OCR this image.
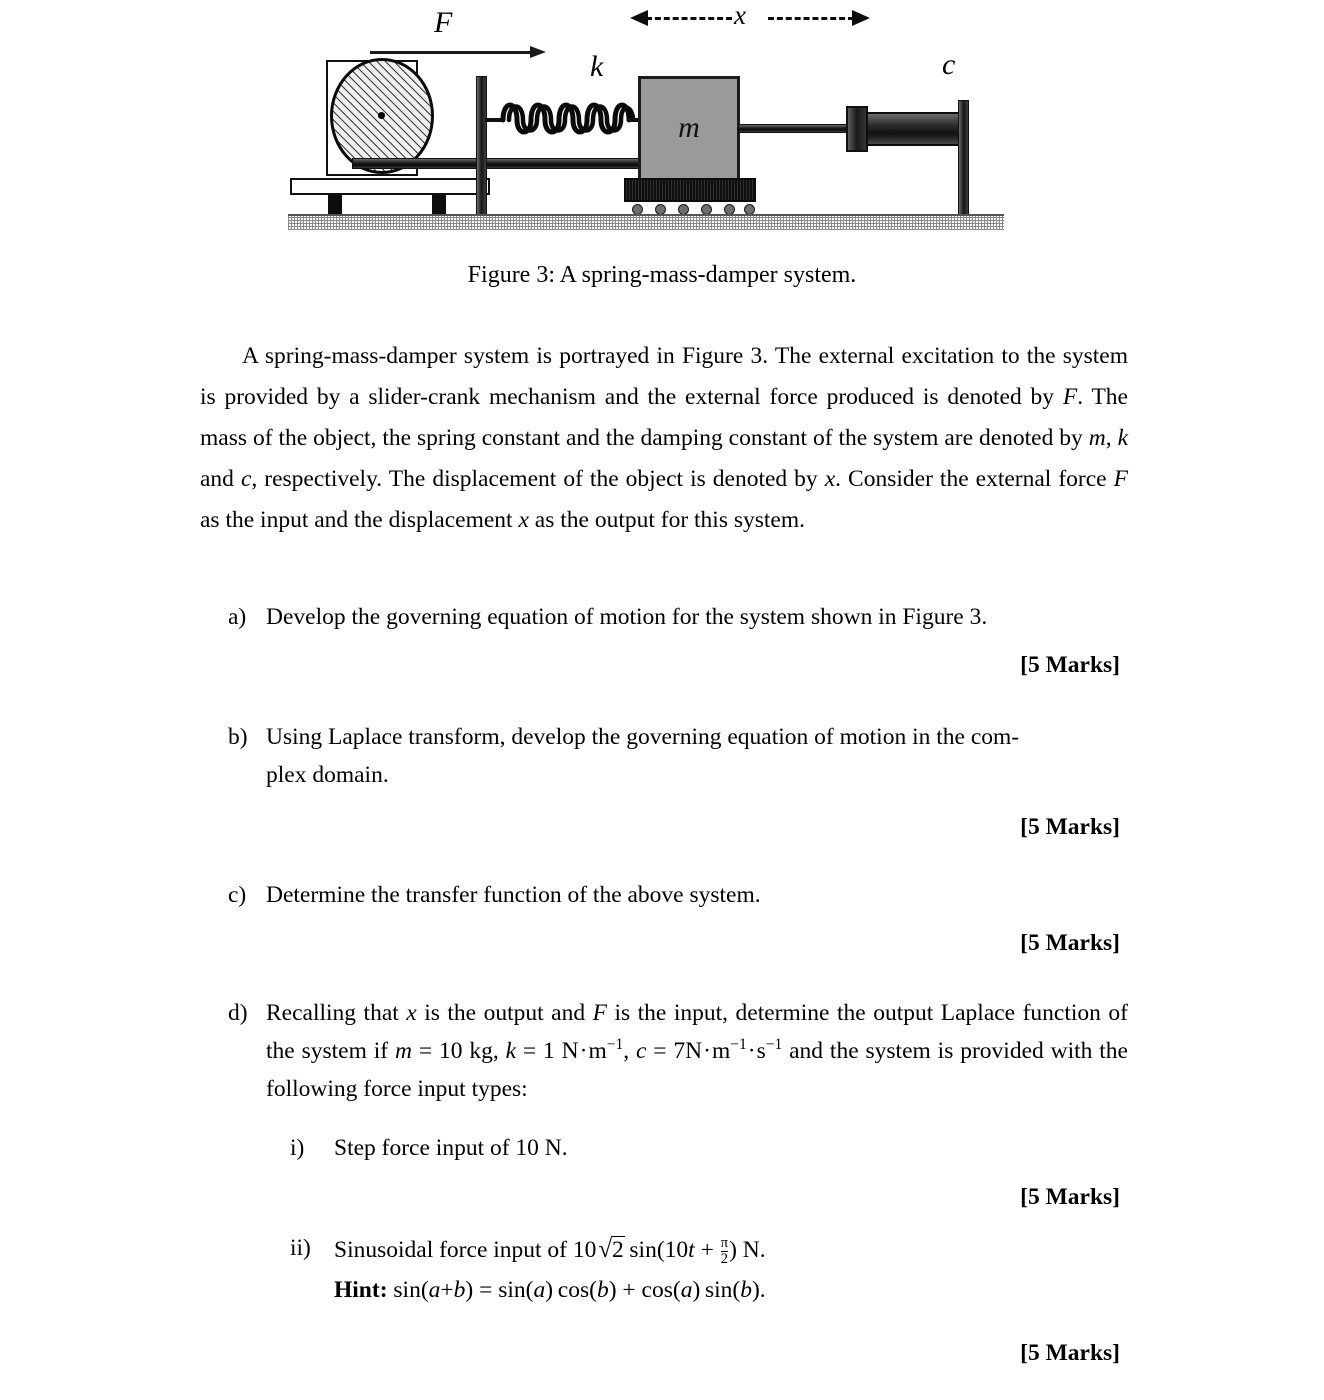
F
k	c
x
m
Figure 3: A spring-mass-damper system.
A spring-mass-damper system is portrayed in Figure 3. The external excitation to the system is provided by a slider-crank mechanism and the external force produced is denoted by F. The mass of the object, the spring constant and the damping constant of the system are denoted by m, k and c, respectively. The displacement of the object is denoted by x. Consider the external force F as the input and the displacement x as the output for this system.
a) Develop the governing equation of motion for the system shown in Figure 3.
[5 Marks]
b) Using Laplace transform, develop the governing equation of motion in the com-
plex domain.
[5 Marks]
c) Determine the transfer function of the above system.
[5 Marks]
d) Recalling that x is the output and F is the input, determine the output Laplace function of the system if m = 10 kg, k = 1 $N\cdot m^{-1}$, $c = 7N\cdot m^{-1}\cdot s^{-1}$ and the system is provided with the following force input types:
i)	Step force input of 10 N.
[5 Marks]
ii) Sinusoidal force input of 10√2 $\sin(10t + \frac{\pi}{2}$ ) N.
Hint: sin(a+b) = sin(a) cos(b) + cos(a) sin(b).
[5 Marks]
